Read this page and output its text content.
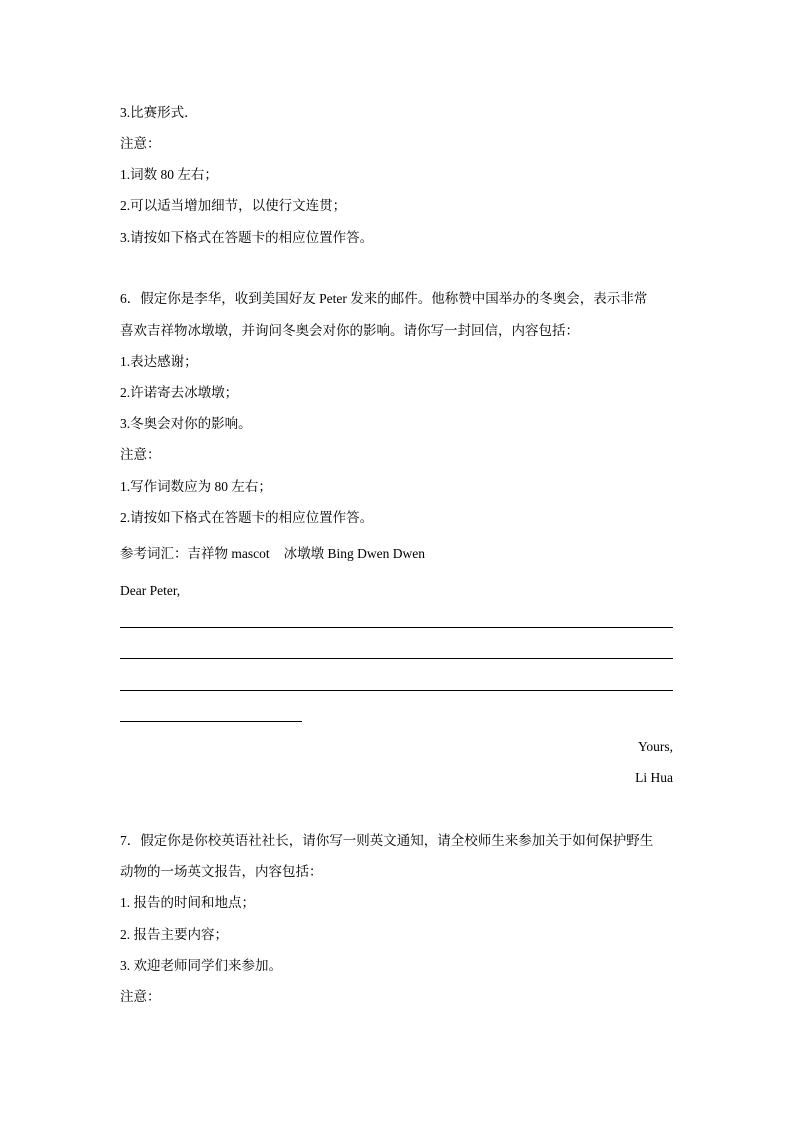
3.比赛形式．
注意：
1.词数 80 左右；
2.可以适当增加细节，以使行文连贯；
3.请按如下格式在答题卡的相应位置作答。
6．假定你是李华，收到美国好友 Peter 发来的邮件。他称赞中国举办的冬奥会，表示非常
喜欢吉祥物冰墩墩，并询问冬奥会对你的影响。请你写一封回信，内容包括：
1.表达感谢；
2.许诺寄去冰墩墩；
3.冬奥会对你的影响。
注意：
1.写作词数应为 80 左右；
2.请按如下格式在答题卡的相应位置作答。
参考词汇：吉祥物 mascot 冰墩墩 Bing Dwen Dwen
Dear Peter,
Yours,
Li Hua
7．假定你是你校英语社社长，请你写一则英文通知，请全校师生来参加关于如何保护野生
动物的一场英文报告，内容包括：
1. 报告的时间和地点；
2. 报告主要内容；
3. 欢迎老师同学们来参加。
注意：
